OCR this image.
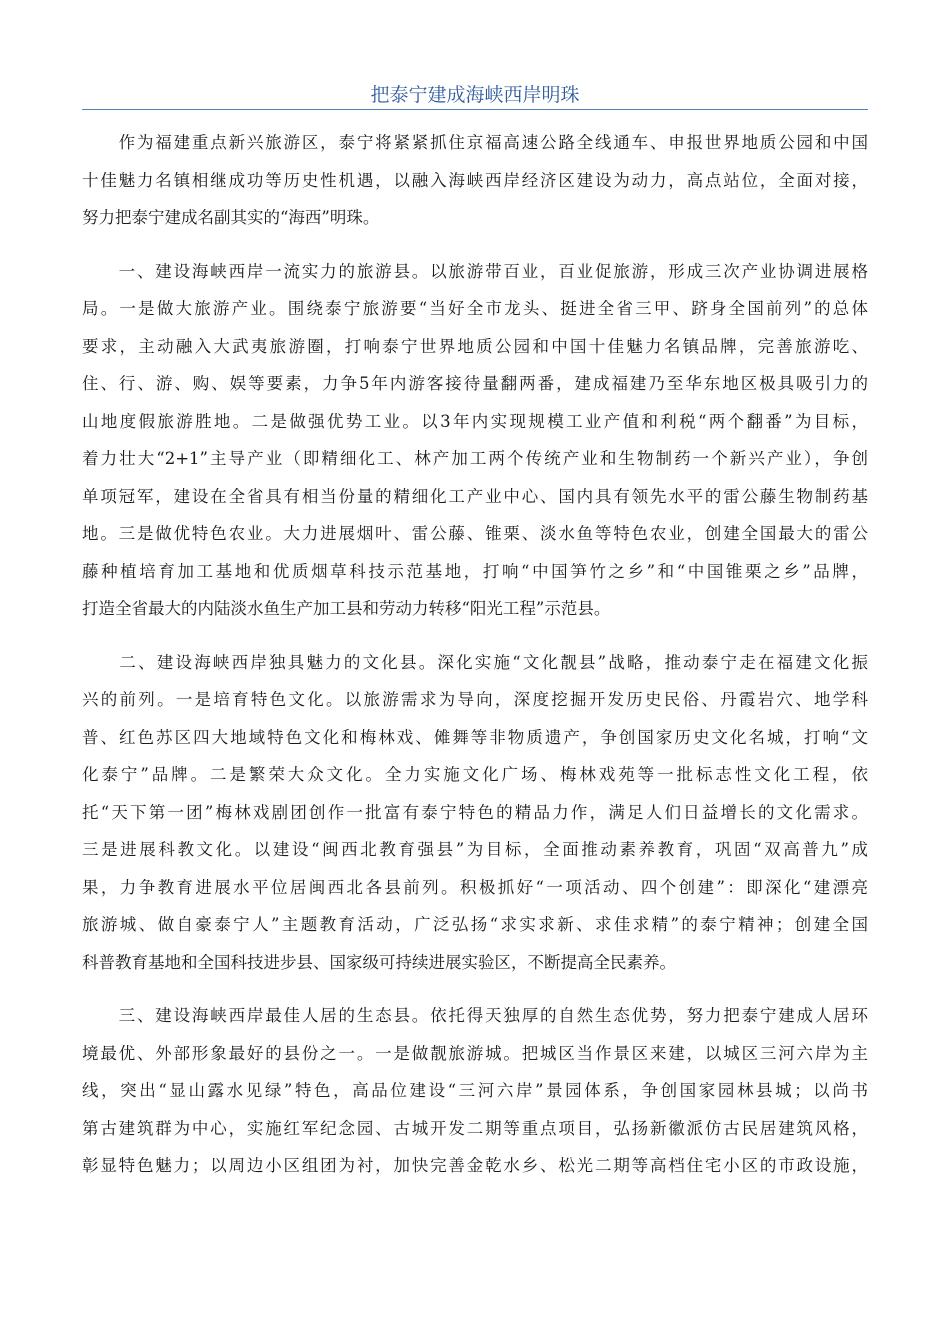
把泰宁建成海峡西岸明珠
　　作为福建重点新兴旅游区，泰宁将紧紧抓住京福高速公路全线通车、申报世界地质公园和中国
十佳魅力名镇相继成功等历史性机遇，以融入海峡西岸经济区建设为动力，高点站位，全面对接，
努力把泰宁建成名副其实的“海西”明珠。
　　一、建设海峡西岸一流实力的旅游县。以旅游带百业，百业促旅游，形成三次产业协调进展格
局。一是做大旅游产业。围绕泰宁旅游要“当好全市龙头、挺进全省三甲、跻身全国前列”的总体
要求，主动融入大武夷旅游圈，打响泰宁世界地质公园和中国十佳魅力名镇品牌，完善旅游吃、
住、行、游、购、娱等要素，力争5年内游客接待量翻两番，建成福建乃至华东地区极具吸引力的
山地度假旅游胜地。二是做强优势工业。以3年内实现规模工业产值和利税“两个翻番”为目标，
着力壮大“2+1”主导产业（即精细化工、林产加工两个传统产业和生物制药一个新兴产业），争创
单项冠军，建设在全省具有相当份量的精细化工产业中心、国内具有领先水平的雷公藤生物制药基
地。三是做优特色农业。大力进展烟叶、雷公藤、锥栗、淡水鱼等特色农业，创建全国最大的雷公
藤种植培育加工基地和优质烟草科技示范基地，打响“中国笋竹之乡”和“中国锥栗之乡”品牌，
打造全省最大的内陆淡水鱼生产加工县和劳动力转移“阳光工程”示范县。
　　二、建设海峡西岸独具魅力的文化县。深化实施“文化靓县”战略，推动泰宁走在福建文化振
兴的前列。一是培育特色文化。以旅游需求为导向，深度挖掘开发历史民俗、丹霞岩穴、地学科
普、红色苏区四大地域特色文化和梅林戏、傩舞等非物质遗产，争创国家历史文化名城，打响“文
化泰宁”品牌。二是繁荣大众文化。全力实施文化广场、梅林戏苑等一批标志性文化工程，依
托“天下第一团”梅林戏剧团创作一批富有泰宁特色的精品力作，满足人们日益增长的文化需求。
三是进展科教文化。以建设“闽西北教育强县”为目标，全面推动素养教育，巩固“双高普九”成
果，力争教育进展水平位居闽西北各县前列。积极抓好“一项活动、四个创建”：即深化“建漂亮
旅游城、做自豪泰宁人”主题教育活动，广泛弘扬“求实求新、求佳求精”的泰宁精神；创建全国
科普教育基地和全国科技进步县、国家级可持续进展实验区，不断提高全民素养。
　　三、建设海峡西岸最佳人居的生态县。依托得天独厚的自然生态优势，努力把泰宁建成人居环
境最优、外部形象最好的县份之一。一是做靓旅游城。把城区当作景区来建，以城区三河六岸为主
线，突出“显山露水见绿”特色，高品位建设“三河六岸”景园体系，争创国家园林县城；以尚书
第古建筑群为中心，实施红军纪念园、古城开发二期等重点项目，弘扬新徽派仿古民居建筑风格，
彰显特色魅力；以周边小区组团为衬，加快完善金乾水乡、松光二期等高档住宅小区的市政设施，
